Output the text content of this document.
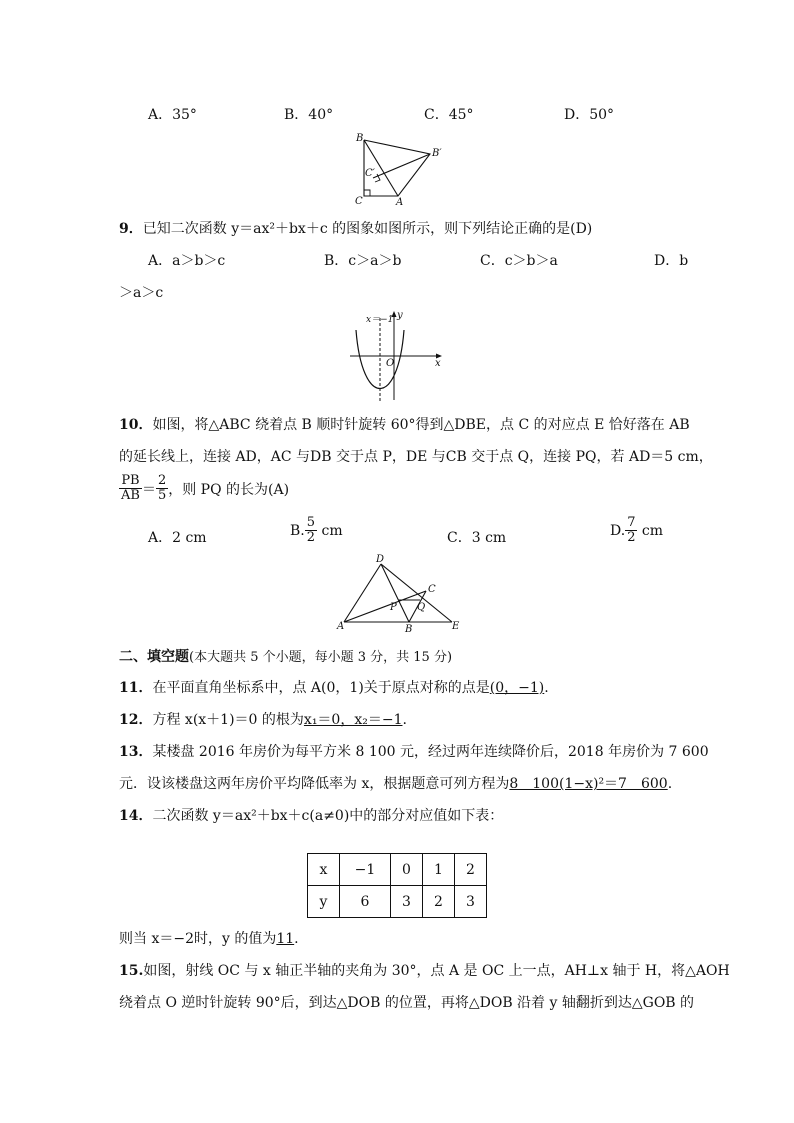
A．35°	B．40°	C．45°	D．50°
B
B′
C′
C	A
9．已知二次函数 y＝ax²＋bx＋c 的图象如图所示，则下列结论正确的是(D)
A．a＞b＞c	B．c＞a＞b	C．c＞b＞a	D．b
＞a＞c
x＝−1 y
O	x
10．如图，将△ABC 绕着点 B 顺时针旋转 60°得到△DBE，点 C 的对应点 E 恰好落在 AB
的延长线上，连接 AD，AC 与DB 交于点 P，DE 与CB 交于点 Q，连接 PQ，若 AD＝5 cm，
$\frac{PB}{AB} = \frac{2}{5}$ ，则 PQ 的长为(A)
A．2 cm	B. $\frac{5}{2}$ cm	C．3 cm	D. $\frac{7}{2}$ cm
D
C
P Q
A	B	E
二、填空题(本大题共 5 个小题，每小题 3 分，共 15 分)
11．在平面直角坐标系中，点 A(0，1)关于原点对称的点是(0，−1).
12．方程 x(x＋1)＝0 的根为x₁＝0，x₂＝−1.
13．某楼盘 2016 年房价为每平方米 8 100 元，经过两年连续降价后，2018 年房价为 7 600
元．设该楼盘这两年房价平均降低率为 x，根据题意可列方程为8　100(1−x)²＝7　600.
14．二次函数 y＝ax²＋bx＋c(a≠0)中的部分对应值如下表：
x	−1	0	1	2
y	6	3	2	3
则当 x＝−2时，y 的值为11.
15.如图，射线 OC 与 x 轴正半轴的夹角为 30°，点 A 是 OC 上一点，AH⊥x 轴于 H，将△AOH
绕着点 O 逆时针旋转 90°后，到达△DOB 的位置，再将△DOB 沿着 y 轴翻折到达△GOB 的
